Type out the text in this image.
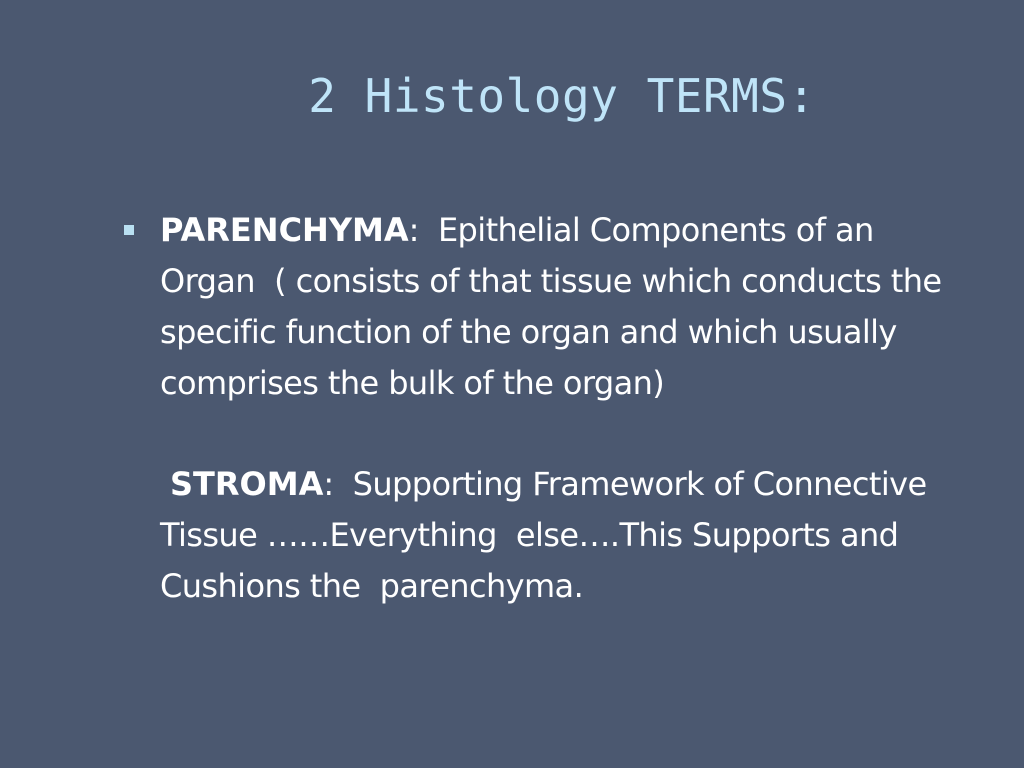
2 Histology TERMS:
PARENCHYMA:  Epithelial Components of an Organ  ( consists of that tissue which conducts the specific function of the organ and which usually comprises the bulk of the organ)
STROMA:  Supporting Framework of Connective Tissue ……Everything  else….This Supports and Cushions the  parenchyma.
